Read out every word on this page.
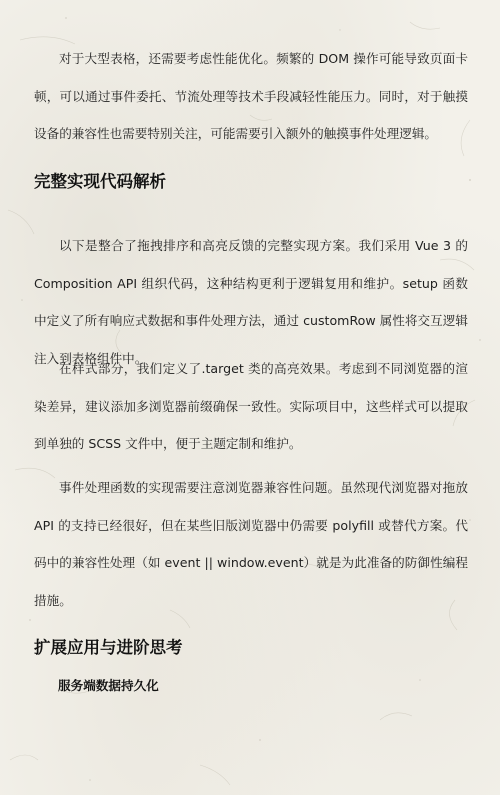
对于大型表格，还需要考虑性能优化。频繁的 DOM 操作可能导致页面卡顿，可以通过事件委托、节流处理等技术手段减轻性能压力。同时，对于触摸设备的兼容性也需要特别关注，可能需要引入额外的触摸事件处理逻辑。

完整实现代码解析

以下是整合了拖拽排序和高亮反馈的完整实现方案。我们采用 Vue 3 的 Composition API 组织代码，这种结构更利于逻辑复用和维护。setup 函数中定义了所有响应式数据和事件处理方法，通过 customRow 属性将交互逻辑注入到表格组件中。

在样式部分，我们定义了.target 类的高亮效果。考虑到不同浏览器的渲染差异，建议添加多浏览器前缀确保一致性。实际项目中，这些样式可以提取到单独的 SCSS 文件中，便于主题定制和维护。

事件处理函数的实现需要注意浏览器兼容性问题。虽然现代浏览器对拖放 API 的支持已经很好，但在某些旧版浏览器中仍需要 polyfill 或替代方案。代码中的兼容性处理（如 event || window.event）就是为此准备的防御性编程措施。

扩展应用与进阶思考
服务端数据持久化
